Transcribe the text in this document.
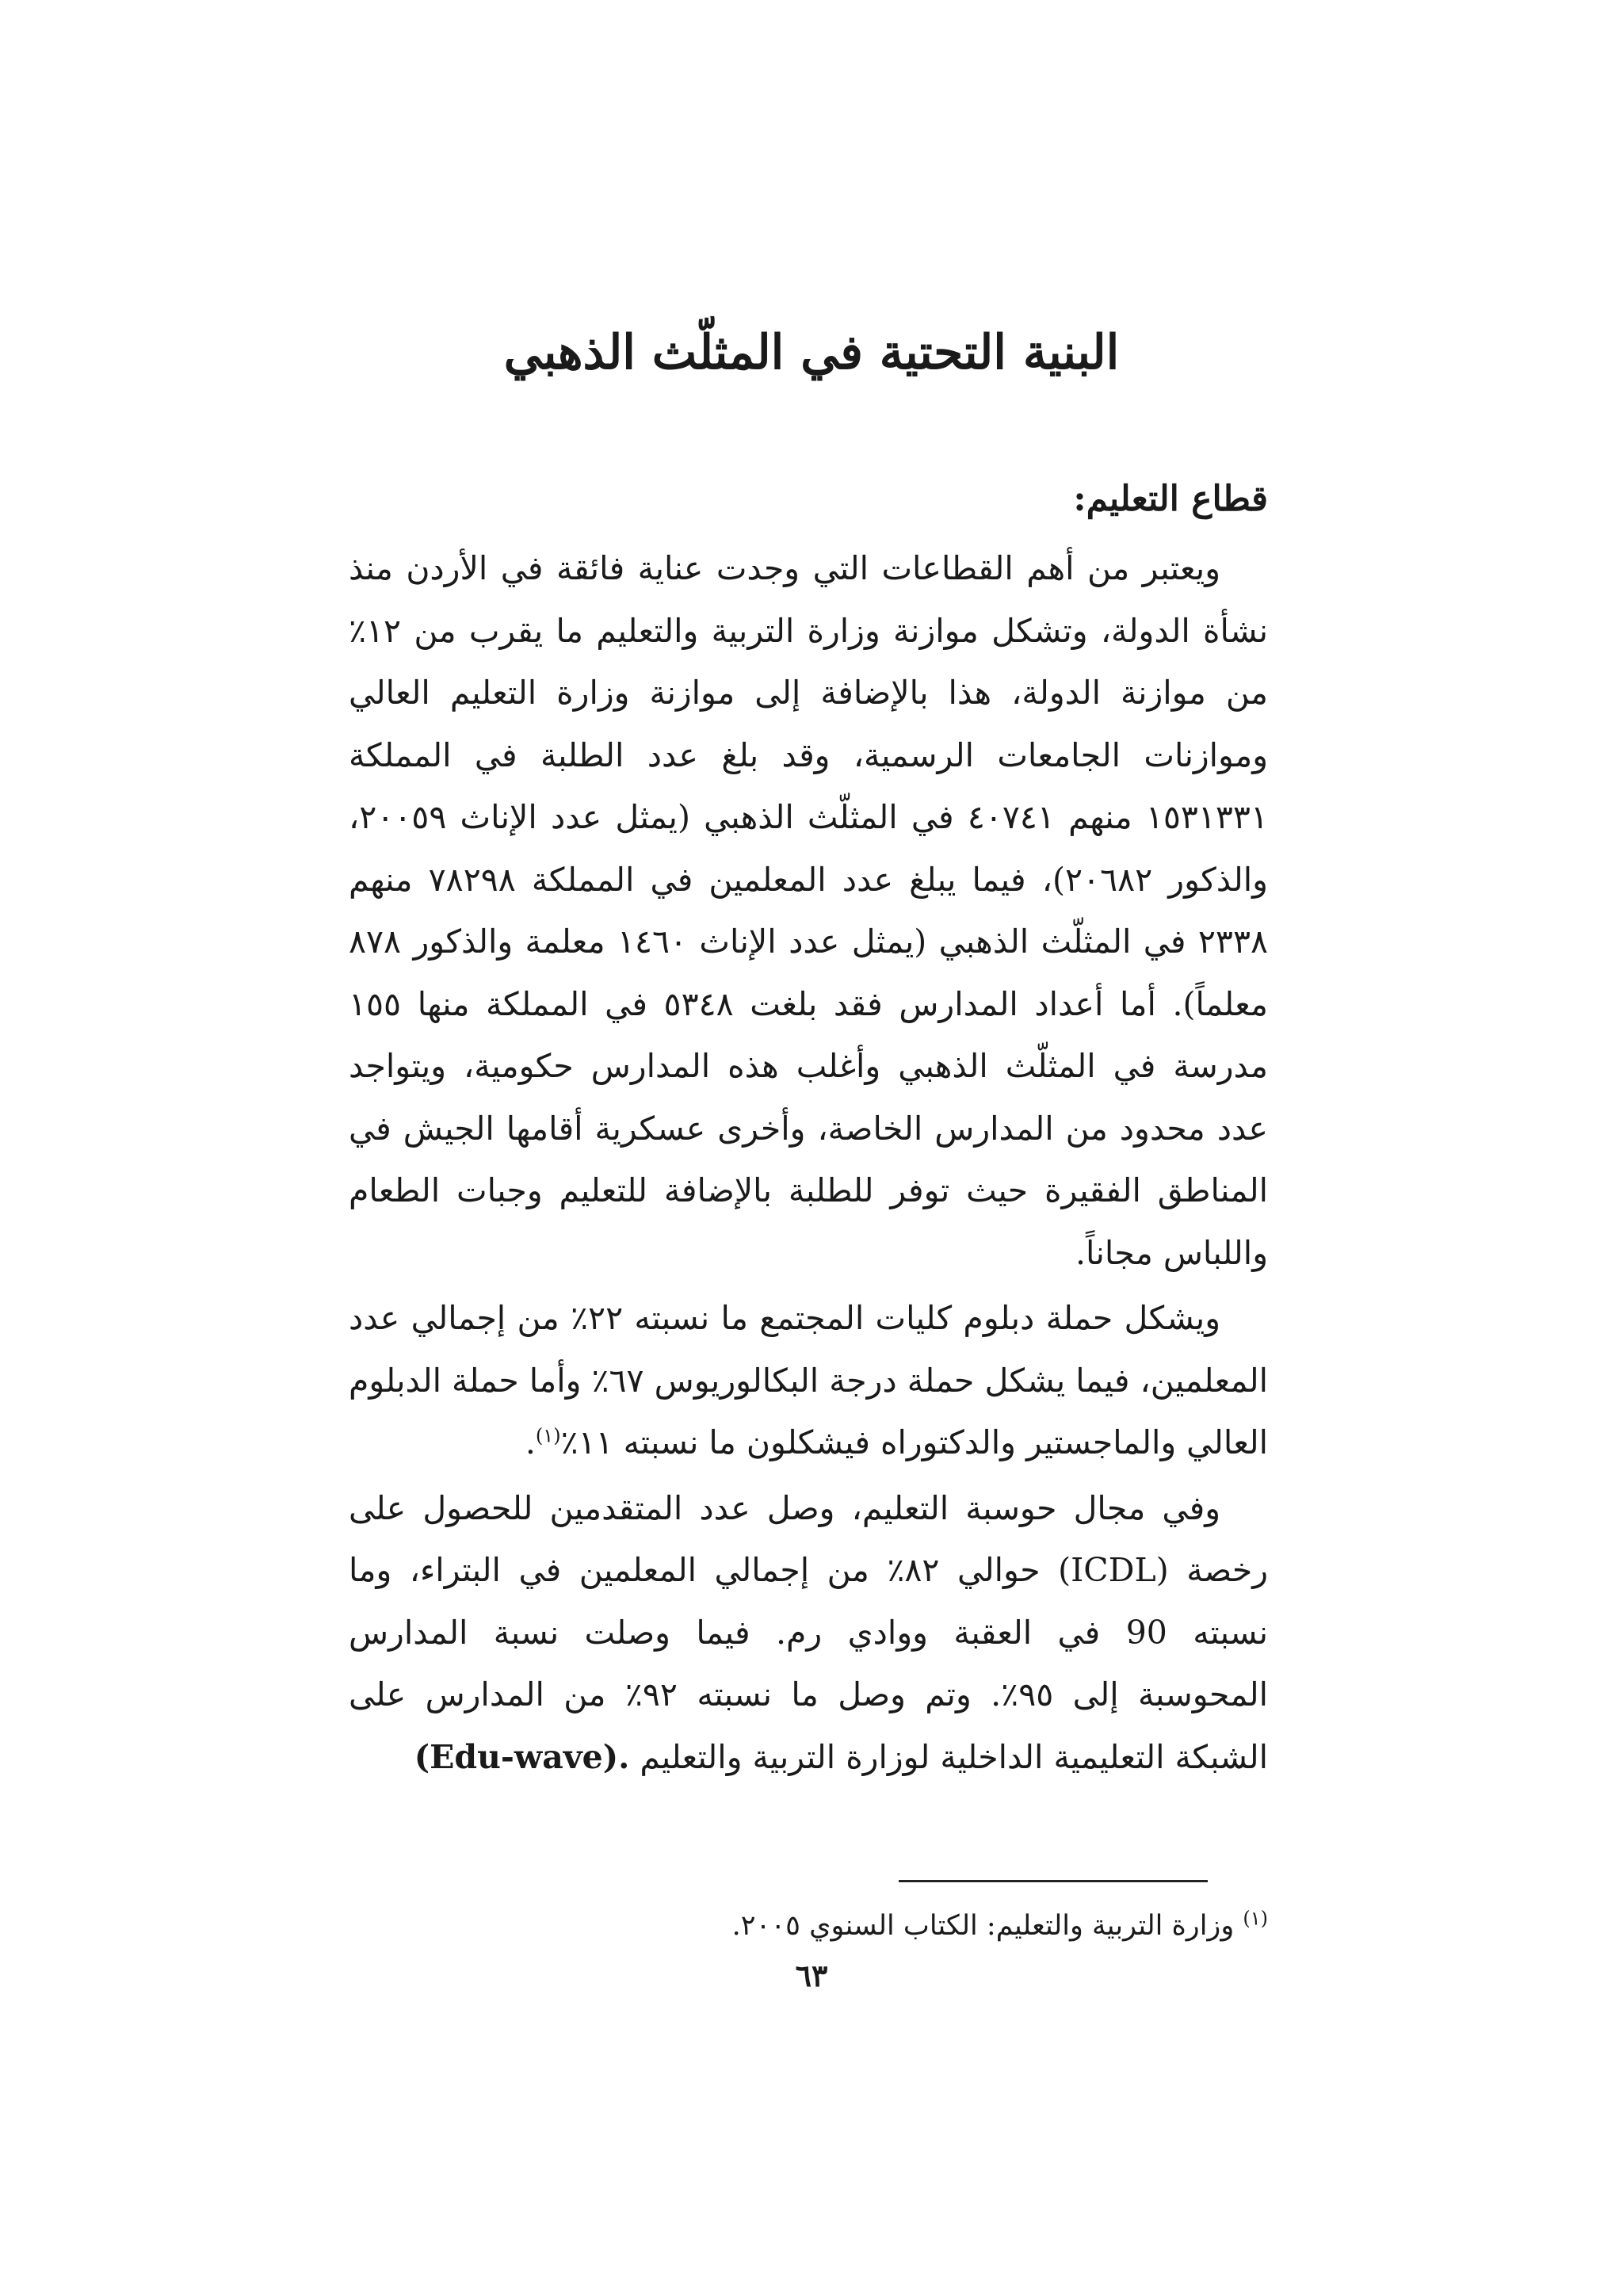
البنية التحتية في المثلّث الذهبي
قطاع التعليم:

ويعتبر من أهم القطاعات التي وجدت عناية فائقة في الأردن منذ نشأة الدولة، وتشكل موازنة وزارة التربية والتعليم ما يقرب من ١٢٪ من موازنة الدولة، هذا بالإضافة إلى موازنة وزارة التعليم العالي وموازنات الجامعات الرسمية، وقد بلغ عدد الطلبة في المملكة ١٥٣١٣٣١ منهم ٤٠٧٤١ في المثلّث الذهبي (يمثل عدد الإناث ٢٠٠٥٩، والذكور ٢٠٦٨٢)، فيما يبلغ عدد المعلمين في المملكة ٧٨٢٩٨ منهم ٢٣٣٨ في المثلّث الذهبي (يمثل عدد الإناث ١٤٦٠ معلمة والذكور ٨٧٨ معلماً). أما أعداد المدارس فقد بلغت ٥٣٤٨ في المملكة منها ١٥٥ مدرسة في المثلّث الذهبي وأغلب هذه المدارس حكومية، ويتواجد عدد محدود من المدارس الخاصة، وأخرى عسكرية أقامها الجيش في المناطق الفقيرة حيث توفر للطلبة بالإضافة للتعليم وجبات الطعام واللباس مجاناً.

ويشكل حملة دبلوم كليات المجتمع ما نسبته ٢٢٪ من إجمالي عدد المعلمين، فيما يشكل حملة درجة البكالوريوس ٦٧٪ وأما حملة الدبلوم العالي والماجستير والدكتوراه فيشكلون ما نسبته ١١٪$^{(١)}$.

وفي مجال حوسبة التعليم، وصل عدد المتقدمين للحصول على رخصة (ICDL) حوالي ٨٢٪ من إجمالي المعلمين في البتراء، وما نسبته 90 في العقبة ووادي رم. فيما وصلت نسبة المدارس المحوسبة إلى ٩٥٪. وتم وصل ما نسبته ٩٢٪ من المدارس على الشبكة التعليمية الداخلية لوزارة التربية والتعليم (Edu-wave).

$^{(١)}$ وزارة التربية والتعليم: الكتاب السنوي ٢٠٠٥.

٦٣
